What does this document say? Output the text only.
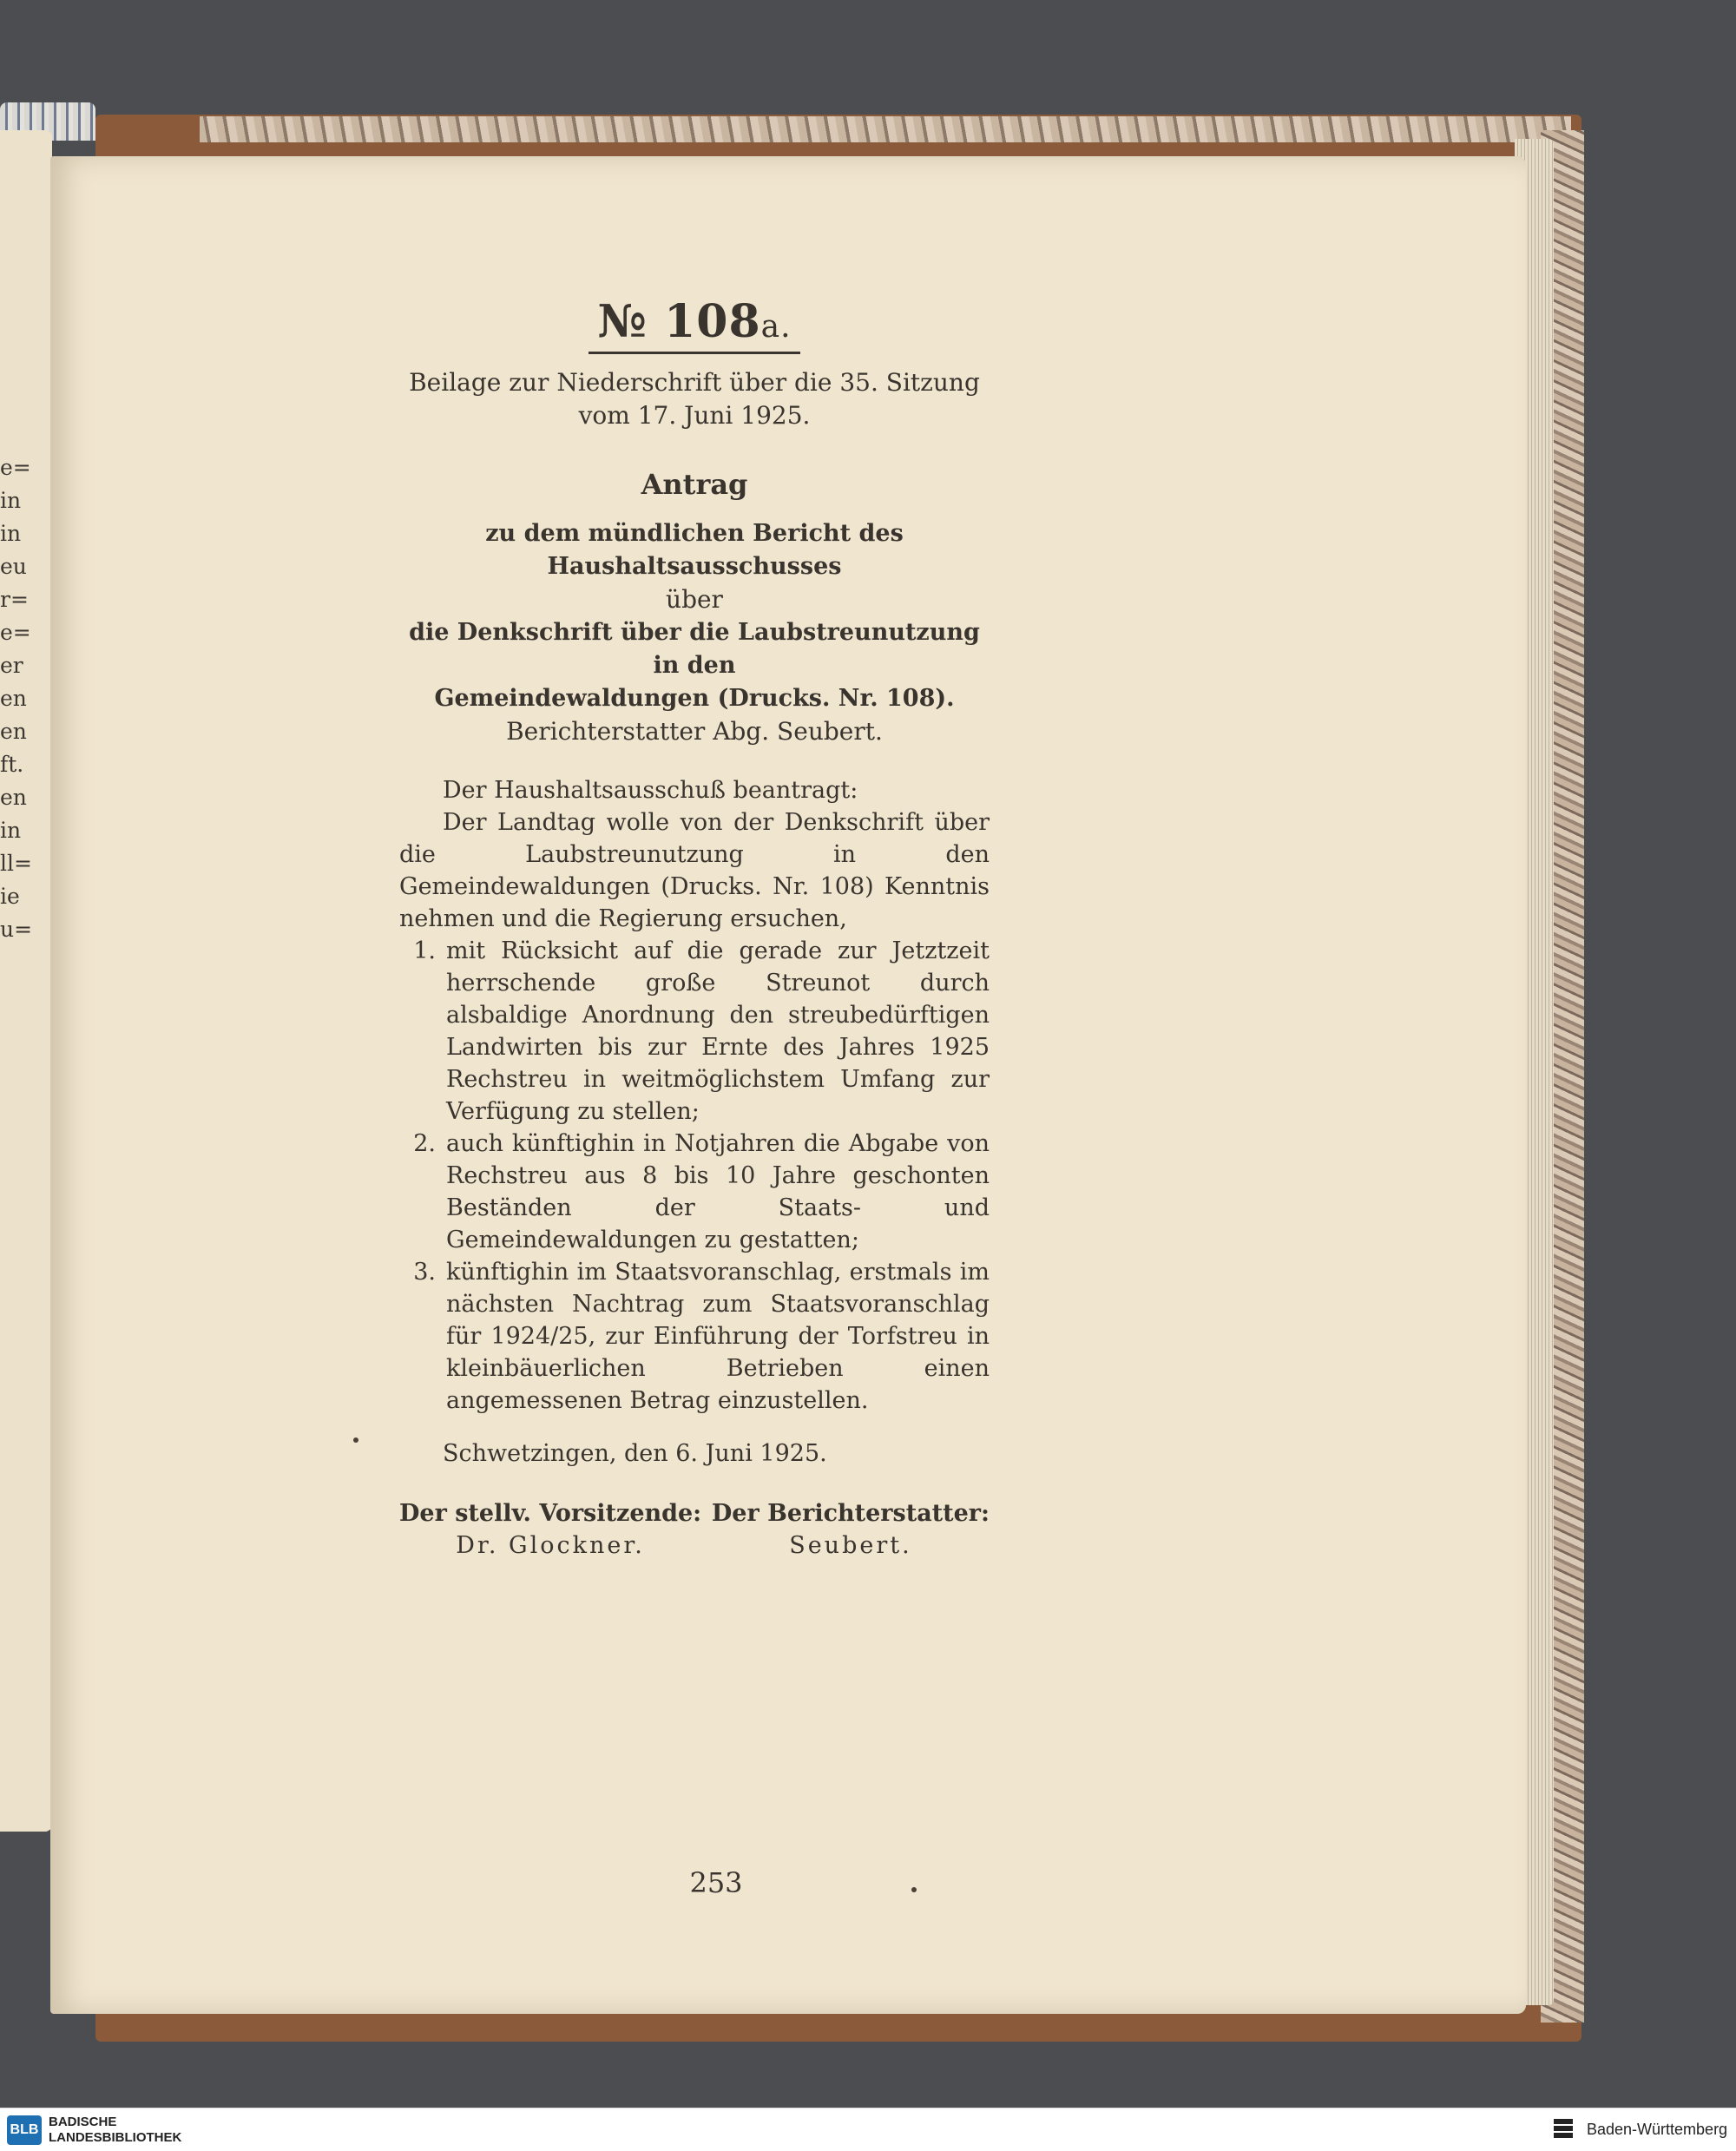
e=
in
in
eu
r=
e=
er
en
en
ft.
en
in
ll=
ie
u=
№ 108a.
Beilage zur Niederschrift über die 35. Sitzung
vom 17. Juni 1925.
Antrag
zu dem mündlichen Bericht des Haushaltsausschusses
über
die Denkschrift über die Laubstreunutzung in den
Gemeindewaldungen (Drucks. Nr. 108).
Berichterstatter Abg. Seubert.
Der Haushaltsausschuß beantragt:
Der Landtag wolle von der Denkschrift über die Laubstreunutzung in den Gemeindewaldungen (Drucks. Nr. 108) Kenntnis nehmen und die Regierung ersuchen,
1. mit Rücksicht auf die gerade zur Jetztzeit herrschende große Streunot durch alsbaldige Anordnung den streubedürftigen Landwirten bis zur Ernte des Jahres 1925 Rechstreu in weitmöglichstem Umfang zur Verfügung zu stellen;
2. auch künftighin in Notjahren die Abgabe von Rechstreu aus 8 bis 10 Jahre geschonten Beständen der Staats- und Gemeindewaldungen zu gestatten;
3. künftighin im Staatsvoranschlag, erstmals im nächsten Nachtrag zum Staatsvoranschlag für 1924/25, zur Einführung der Torfstreu in kleinbäuerlichen Betrieben einen angemessenen Betrag einzustellen.
Schwetzingen, den 6. Juni 1925.
Der stellv. Vorsitzende:
Dr. Glockner.
Der Berichterstatter:
Seubert.
253
BLB
BADISCHE
LANDESBIBLIOTHEK	Baden-Württemberg
